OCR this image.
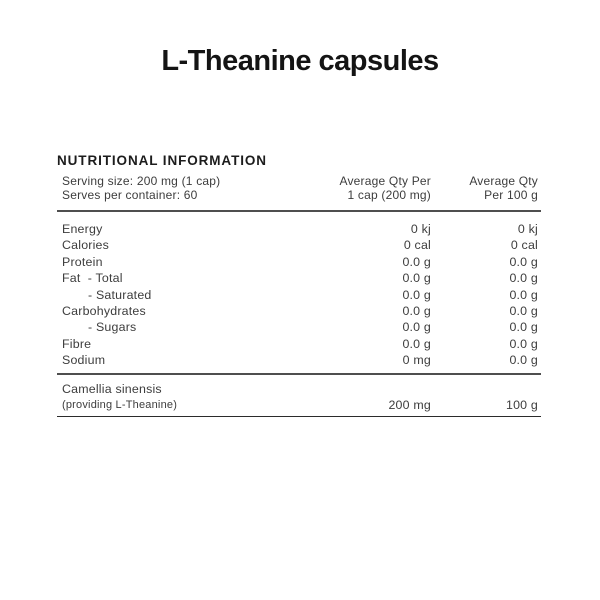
L-Theanine capsules
NUTRITIONAL INFORMATION
Serving size: 200 mg (1 cap)
Serves per container: 60
Average Qty Per
1 cap (200 mg)
Average Qty
Per 100 g
Energy	0 kj	0 kj
Calories	0 cal	0 cal
Protein	0.0 g	0.0 g
Fat  - Total	0.0 g	0.0 g
- Saturated	0.0 g	0.0 g
Carbohydrates	0.0 g	0.0 g
- Sugars	0.0 g	0.0 g
Fibre	0.0 g	0.0 g
Sodium	0 mg	0.0 g
Camellia sinensis
(providing L-Theanine)	200 mg	100 g
